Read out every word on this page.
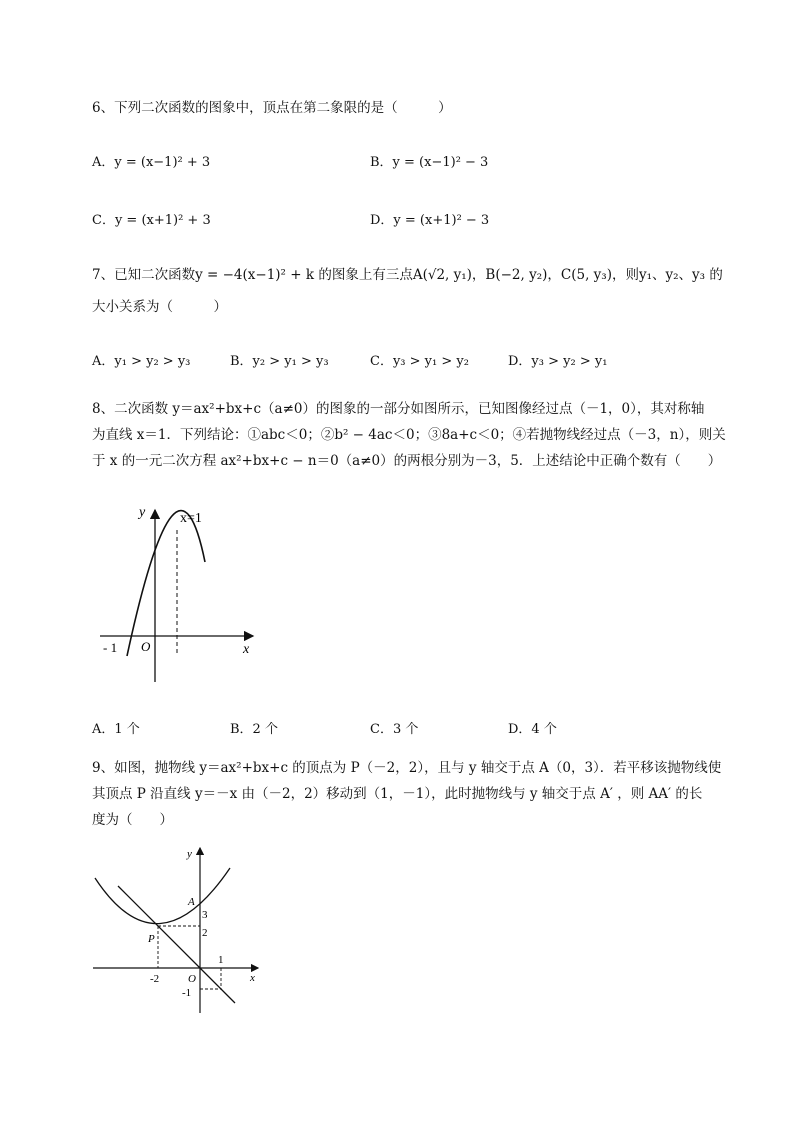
6、下列二次函数的图象中，顶点在第二象限的是（　　　）
A．y = (x−1)² + 3	B．y = (x−1)² − 3
C．y = (x+1)² + 3	D．y = (x+1)² − 3
7、已知二次函数y = −4(x−1)² + k 的图象上有三点A(√2, y₁)，B(−2, y₂)，C(5, y₃)，则y₁、y₂、y₃ 的
大小关系为（　　　）
A．y₁ > y₂ > y₃	B．y₂ > y₁ > y₃	C．y₃ > y₁ > y₂	D．y₃ > y₂ > y₁
8、二次函数 y＝ax²+bx+c（a≠0）的图象的一部分如图所示，已知图像经过点（－1，0），其对称轴
为直线 x＝1．下列结论：①abc＜0；②b² − 4ac＜0；③8a+c＜0；④若抛物线经过点（－3，n），则关
于 x 的一元二次方程 ax²+bx+c − n＝0（a≠0）的两根分别为－3，5．上述结论中正确个数有（　　）
y
x
x=1
- 1 O
A．1 个	B．2 个	C．3 个	D．4 个
9、如图，抛物线 y＝ax²+bx+c 的顶点为 P（－2，2），且与 y 轴交于点 A（0，3）．若平移该抛物线使
其顶点 P 沿直线 y＝－x 由（－2，2）移动到（1，－1），此时抛物线与 y 轴交于点 A′ ，则 AA′ 的长
度为（　　）
y
x
A
P
O
3
2
-2
1
-1
